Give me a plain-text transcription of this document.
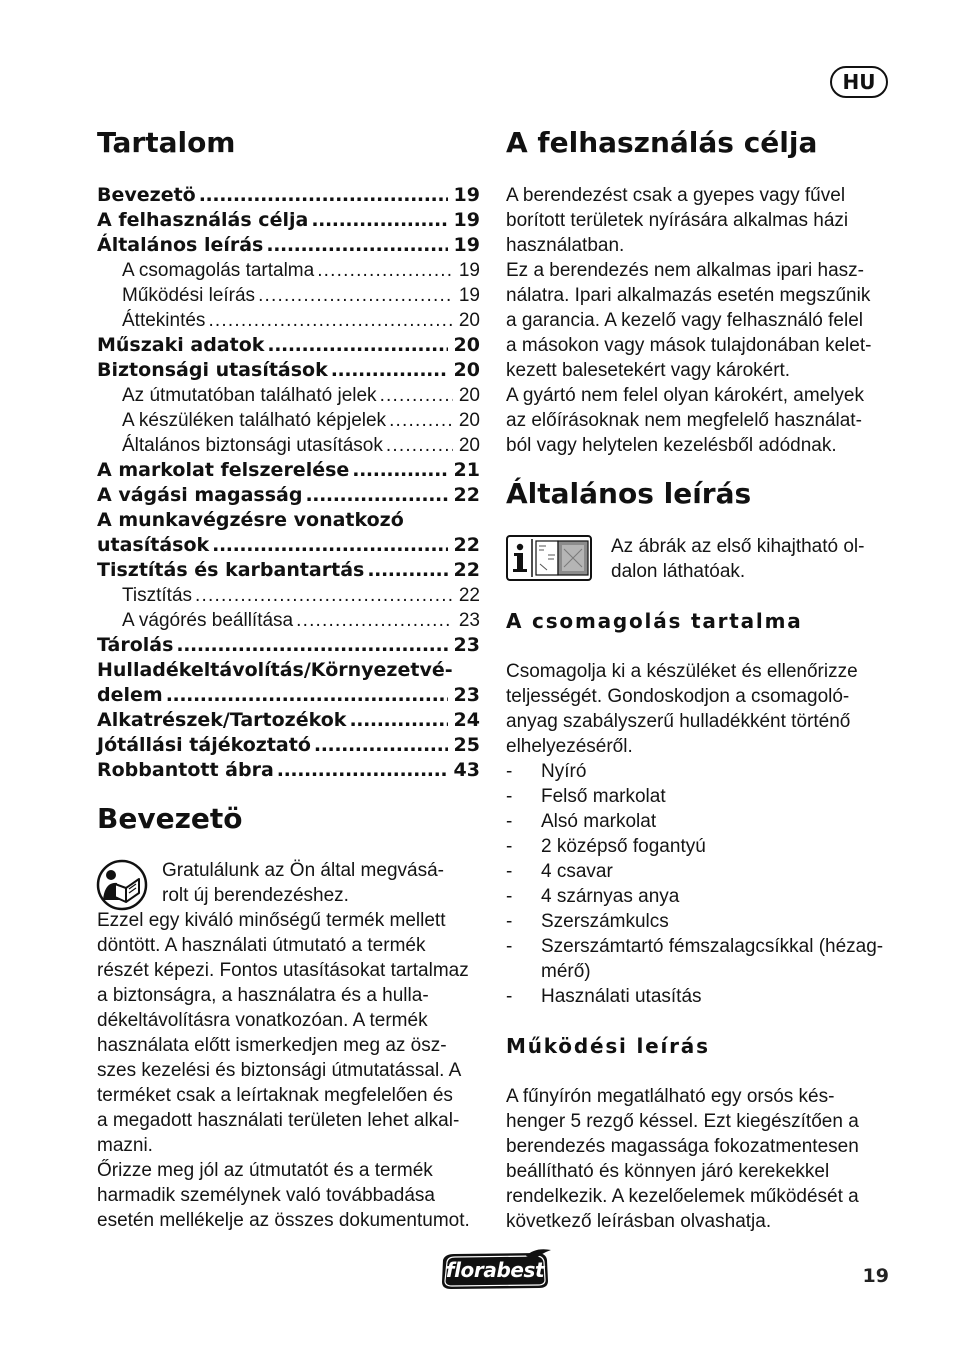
HU
Tartalom
Bevezetö .....	19
A felhasználás célja .....	19
Általános leírás .....	19
A csomagolás tartalma .....	19
Működési leírás .....	19
Áttekintés .....	20
Műszaki adatok .....	20
Biztonsági utasítások .....	20
Az útmutatóban található jelek .....	20
A készüléken található képjelek .....	20
Általános biztonsági utasítások .....	20
A markolat felszerelése .....	21
A vágási magasság .....	22
A munkavégzésre vonatkozó
utasítások .....	22
Tisztítás és karbantartás .....	22
Tisztítás .....	22
A vágórés beállítása .....	23
Tárolás .....	23
Hulladékeltávolítás/Környezetvé-
delem .....	23
Alkatrészek/Tartozékok .....	24
Jótállási tájékoztató .....	25
Robbantott ábra .....	43
Bevezetö
Gratulálunk az Ön által megvásá-
rolt új berendezéshez.
Ezzel egy kiváló minőségű termék mellett
döntött. A használati útmutató a termék
részét képezi. Fontos utasításokat tartalmaz
a biztonságra, a használatra és a hulla-
dékeltávolításra vonatkozóan. A termék
használata előtt ismerkedjen meg az ösz-
szes kezelési és biztonsági útmutatással. A
terméket csak a leírtaknak megfelelően és
a megadott használati területen lehet alkal-
mazni.
Őrizze meg jól az útmutatót és a termék
harmadik személynek való továbbadása
esetén mellékelje az összes dokumentumot.
A felhasználás célja
A berendezést csak a gyepes vagy fűvel
borított területek nyírására alkalmas házi
használatban.
Ez a berendezés nem alkalmas ipari hasz-
nálatra. Ipari alkalmazás esetén megszűnik
a garancia. A kezelő vagy felhasználó felel
a másokon vagy mások tulajdonában kelet-
kezett balesetekért vagy károkért.
A gyártó nem felel olyan károkért, amelyek
az előírásoknak nem megfelelő használat-
ból vagy helytelen kezelésből adódnak.
Általános leírás
Az ábrák az első kihajtható ol-
dalon láthatóak.
A csomagolás tartalma
Csomagolja ki a készüléket és ellenőrizze
teljességét. Gondoskodjon a csomagoló-
anyag szabályszerű hulladékként történő
elhelyezéséről.
- Nyíró
- Felső markolat
- Alsó markolat
- 2 középső fogantyú
- 4 csavar
- 4 szárnyas anya
- Szerszámkulcs
- Szerszámtartó fémszalagcsíkkal (hézag-
mérő)
- Használati utasítás
Működési leírás
A fűnyírón megatlálható egy orsós kés-
henger 5 rezgő késsel. Ezt kiegészítően a
berendezés magassága fokozatmentesen
beállítható és könnyen járó kerekekkel
rendelkezik. A kezelőelemek működését a
következő leírásban olvashatja.
florabest	19
